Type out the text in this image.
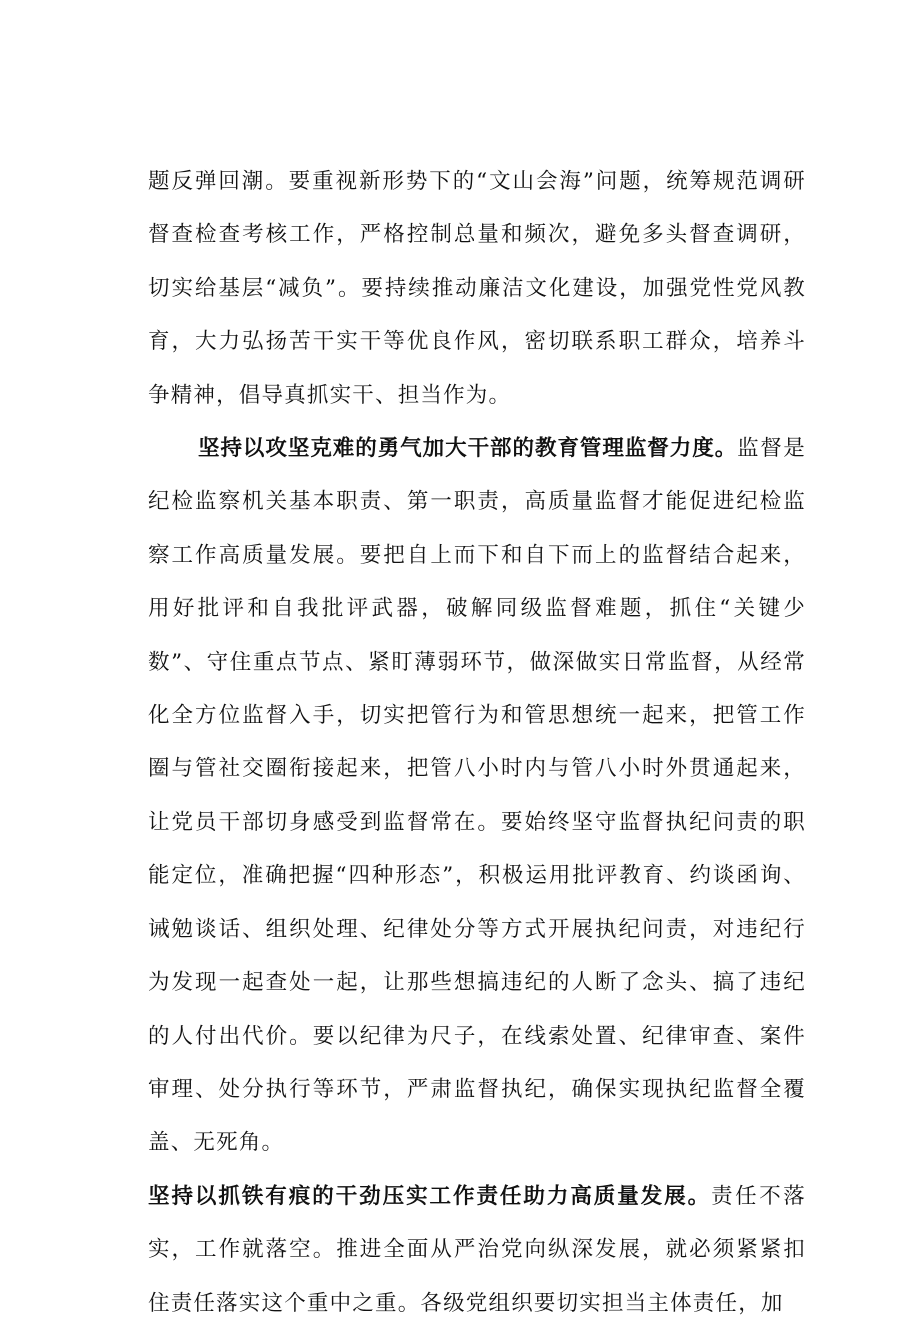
题反弹回潮。要重视新形势下的“文山会海”问题，统筹规范调研督查检查考核工作，严格控制总量和频次，避免多头督查调研，切实给基层“减负”。要持续推动廉洁文化建设，加强党性党风教育，大力弘扬苦干实干等优良作风，密切联系职工群众，培养斗争精神，倡导真抓实干、担当作为。

坚持以攻坚克难的勇气加大干部的教育管理监督力度。监督是纪检监察机关基本职责、第一职责，高质量监督才能促进纪检监察工作高质量发展。要把自上而下和自下而上的监督结合起来，用好批评和自我批评武器，破解同级监督难题，抓住“关键少数”、守住重点节点、紧盯薄弱环节，做深做实日常监督，从经常化全方位监督入手，切实把管行为和管思想统一起来，把管工作圈与管社交圈衔接起来，把管八小时内与管八小时外贯通起来，让党员干部切身感受到监督常在。要始终坚守监督执纪问责的职能定位，准确把握“四种形态”，积极运用批评教育、约谈函询、诫勉谈话、组织处理、纪律处分等方式开展执纪问责，对违纪行为发现一起查处一起，让那些想搞违纪的人断了念头、搞了违纪的人付出代价。要以纪律为尺子，在线索处置、纪律审查、案件审理、处分执行等环节，严肃监督执纪，确保实现执纪监督全覆盖、无死角。

坚持以抓铁有痕的干劲压实工作责任助力高质量发展。责任不落实，工作就落空。推进全面从严治党向纵深发展，就必须紧紧扣住责任落实这个重中之重。各级党组织要切实担当主体责任，加
